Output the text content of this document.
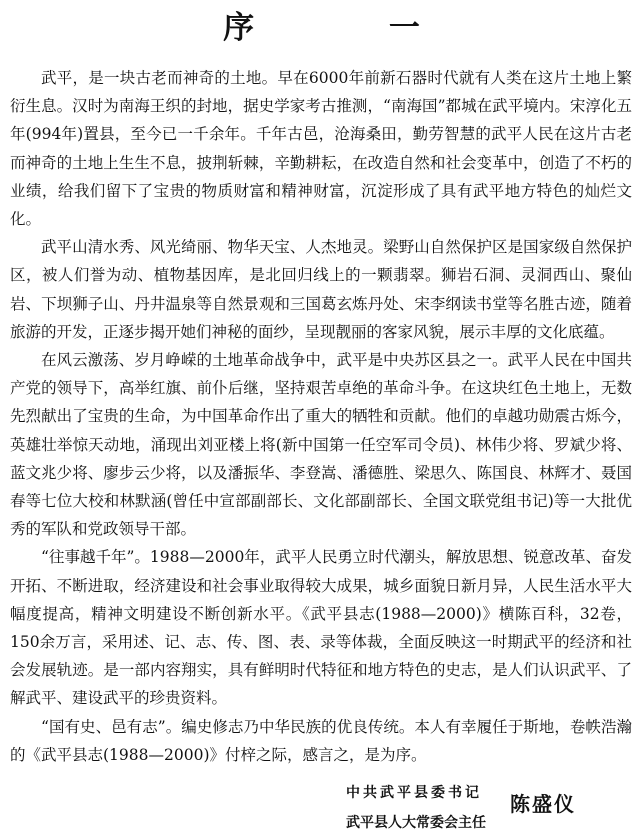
序 一

武平，是一块古老而神奇的土地。早在6000年前新石器时代就有人类在这片土地上繁衍生息。汉时为南海王织的封地，据史学家考古推测，“南海国”都城在武平境内。宋淳化五年(994年)置县，至今已一千余年。千年古邑，沧海桑田，勤劳智慧的武平人民在这片古老而神奇的土地上生生不息，披荆斩棘，辛勤耕耘，在改造自然和社会变革中，创造了不朽的业绩，给我们留下了宝贵的物质财富和精神财富，沉淀形成了具有武平地方特色的灿烂文化。

武平山清水秀、风光绮丽、物华天宝、人杰地灵。梁野山自然保护区是国家级自然保护区，被人们誉为动、植物基因库，是北回归线上的一颗翡翠。狮岩石洞、灵洞西山、聚仙岩、下坝狮子山、丹井温泉等自然景观和三国葛玄炼丹处、宋李纲读书堂等名胜古迹，随着旅游的开发，正逐步揭开她们神秘的面纱，呈现靓丽的客家风貌，展示丰厚的文化底蕴。

在风云激荡、岁月峥嵘的土地革命战争中，武平是中央苏区县之一。武平人民在中国共产党的领导下，高举红旗、前仆后继，坚持艰苦卓绝的革命斗争。在这块红色土地上，无数先烈献出了宝贵的生命，为中国革命作出了重大的牺牲和贡献。他们的卓越功勋震古烁今，英雄壮举惊天动地，涌现出刘亚楼上将(新中国第一任空军司令员)、林伟少将、罗斌少将、蓝文兆少将、廖步云少将，以及潘振华、李登嵩、潘德胜、梁思久、陈国良、林辉才、聂国春等七位大校和林默涵(曾任中宣部副部长、文化部副部长、全国文联党组书记)等一大批优秀的军队和党政领导干部。

“往事越千年”。1988—2000年，武平人民勇立时代潮头，解放思想、锐意改革、奋发开拓、不断进取，经济建设和社会事业取得较大成果，城乡面貌日新月异，人民生活水平大幅度提高，精神文明建设不断创新水平。《武平县志(1988—2000)》横陈百科，32卷，150余万言，采用述、记、志、传、图、表、录等体裁，全面反映这一时期武平的经济和社会发展轨迹。是一部内容翔实，具有鲜明时代特征和地方特色的史志，是人们认识武平、了解武平、建设武平的珍贵资料。

“国有史、邑有志”。编史修志乃中华民族的优良传统。本人有幸履任于斯地，卷帙浩瀚的《武平县志(1988—2000)》付梓之际，感言之，是为序。

中共武平县委书记
武平县人大常委会主任
陈盛仪
